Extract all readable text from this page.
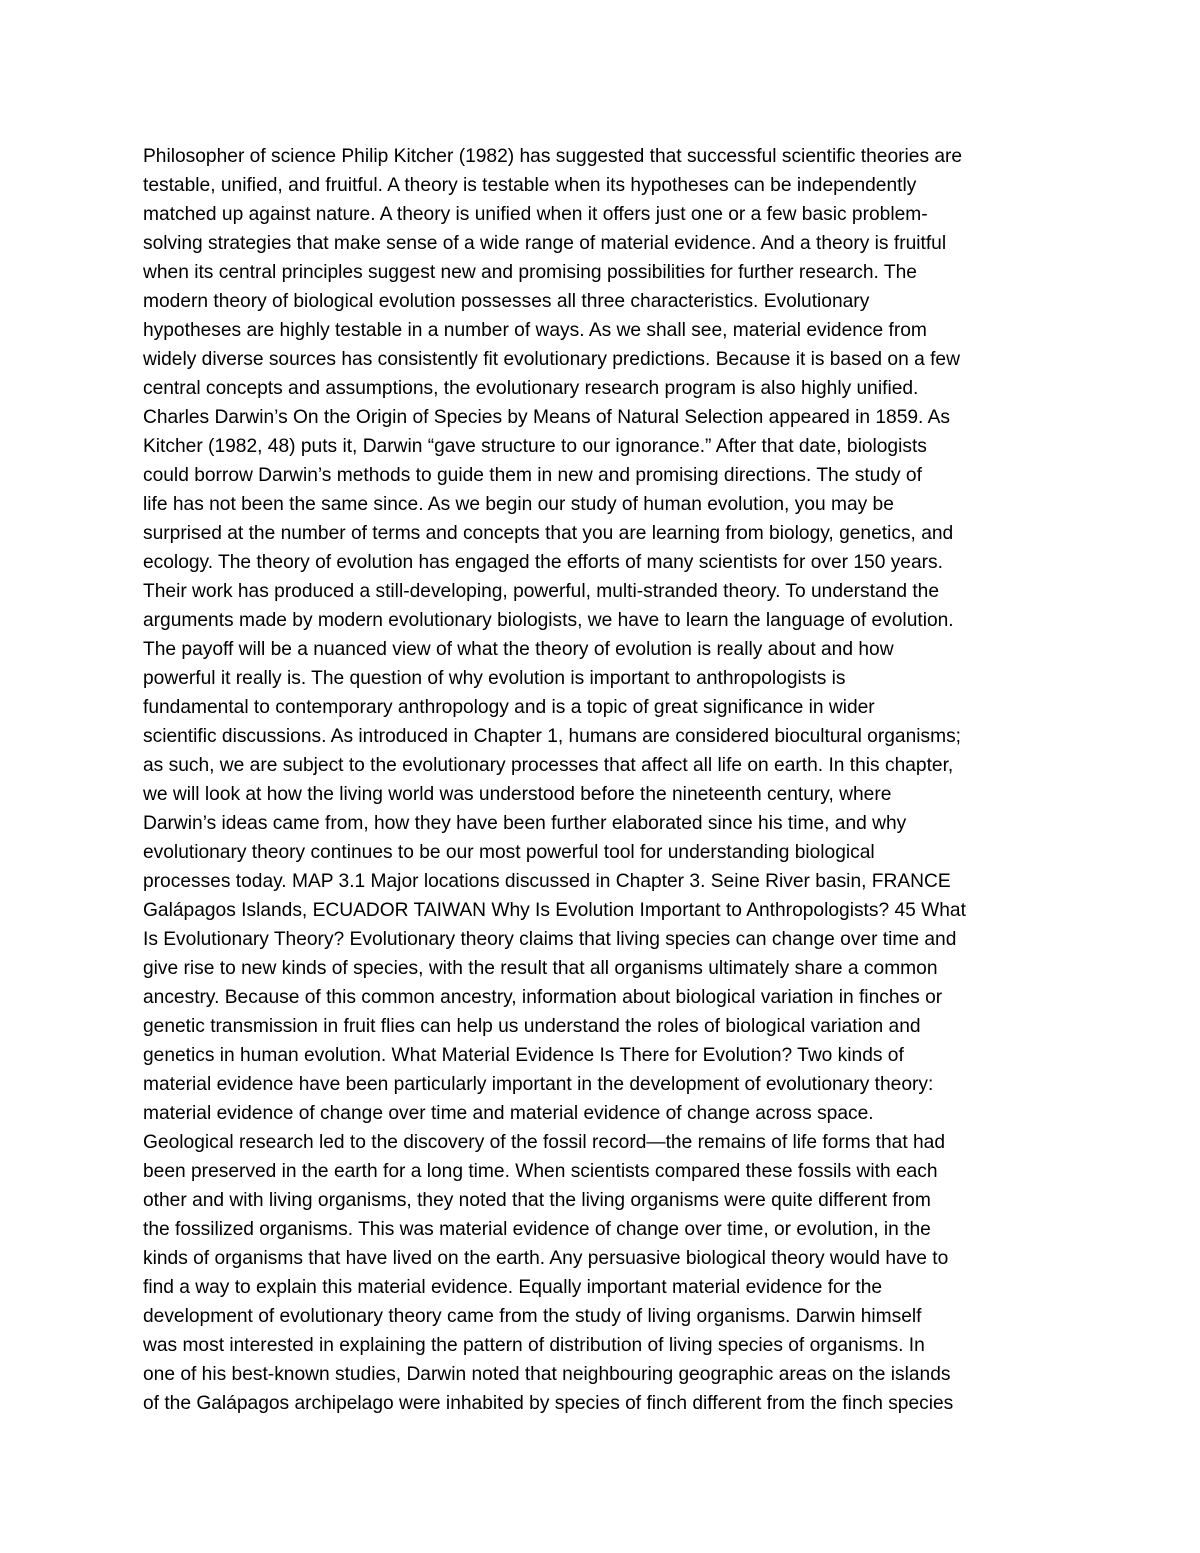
Philosopher of science Philip Kitcher (1982) has suggested that successful scientific theories are
testable, unified, and fruitful. A theory is testable when its hypotheses can be independently
matched up against nature. A theory is unified when it offers just one or a few basic problem-
solving strategies that make sense of a wide range of material evidence. And a theory is fruitful
when its central principles suggest new and promising possibilities for further research. The
modern theory of biological evolution possesses all three characteristics. Evolutionary
hypotheses are highly testable in a number of ways. As we shall see, material evidence from
widely diverse sources has consistently fit evolutionary predictions. Because it is based on a few
central concepts and assumptions, the evolutionary research program is also highly unified.
Charles Darwin’s On the Origin of Species by Means of Natural Selection appeared in 1859. As
Kitcher (1982, 48) puts it, Darwin “gave structure to our ignorance.” After that date, biologists
could borrow Darwin’s methods to guide them in new and promising directions. The study of
life has not been the same since. As we begin our study of human evolution, you may be
surprised at the number of terms and concepts that you are learning from biology, genetics, and
ecology. The theory of evolution has engaged the efforts of many scientists for over 150 years.
Their work has produced a still-developing, powerful, multi-stranded theory. To understand the
arguments made by modern evolutionary biologists, we have to learn the language of evolution.
The payoff will be a nuanced view of what the theory of evolution is really about and how
powerful it really is. The question of why evolution is important to anthropologists is
fundamental to contemporary anthropology and is a topic of great significance in wider
scientific discussions. As introduced in Chapter 1, humans are considered biocultural organisms;
as such, we are subject to the evolutionary processes that affect all life on earth. In this chapter,
we will look at how the living world was understood before the nineteenth century, where
Darwin’s ideas came from, how they have been further elaborated since his time, and why
evolutionary theory continues to be our most powerful tool for understanding biological
processes today. MAP 3.1 Major locations discussed in Chapter 3. Seine River basin, FRANCE
Galápagos Islands, ECUADOR TAIWAN Why Is Evolution Important to Anthropologists? 45 What
Is Evolutionary Theory? Evolutionary theory claims that living species can change over time and
give rise to new kinds of species, with the result that all organisms ultimately share a common
ancestry. Because of this common ancestry, information about biological variation in finches or
genetic transmission in fruit flies can help us understand the roles of biological variation and
genetics in human evolution. What Material Evidence Is There for Evolution? Two kinds of
material evidence have been particularly important in the development of evolutionary theory:
material evidence of change over time and material evidence of change across space.
Geological research led to the discovery of the fossil record—the remains of life forms that had
been preserved in the earth for a long time. When scientists compared these fossils with each
other and with living organisms, they noted that the living organisms were quite different from
the fossilized organisms. This was material evidence of change over time, or evolution, in the
kinds of organisms that have lived on the earth. Any persuasive biological theory would have to
find a way to explain this material evidence. Equally important material evidence for the
development of evolutionary theory came from the study of living organisms. Darwin himself
was most interested in explaining the pattern of distribution of living species of organisms. In
one of his best-known studies, Darwin noted that neighbouring geographic areas on the islands
of the Galápagos archipelago were inhabited by species of finch different from the finch species
